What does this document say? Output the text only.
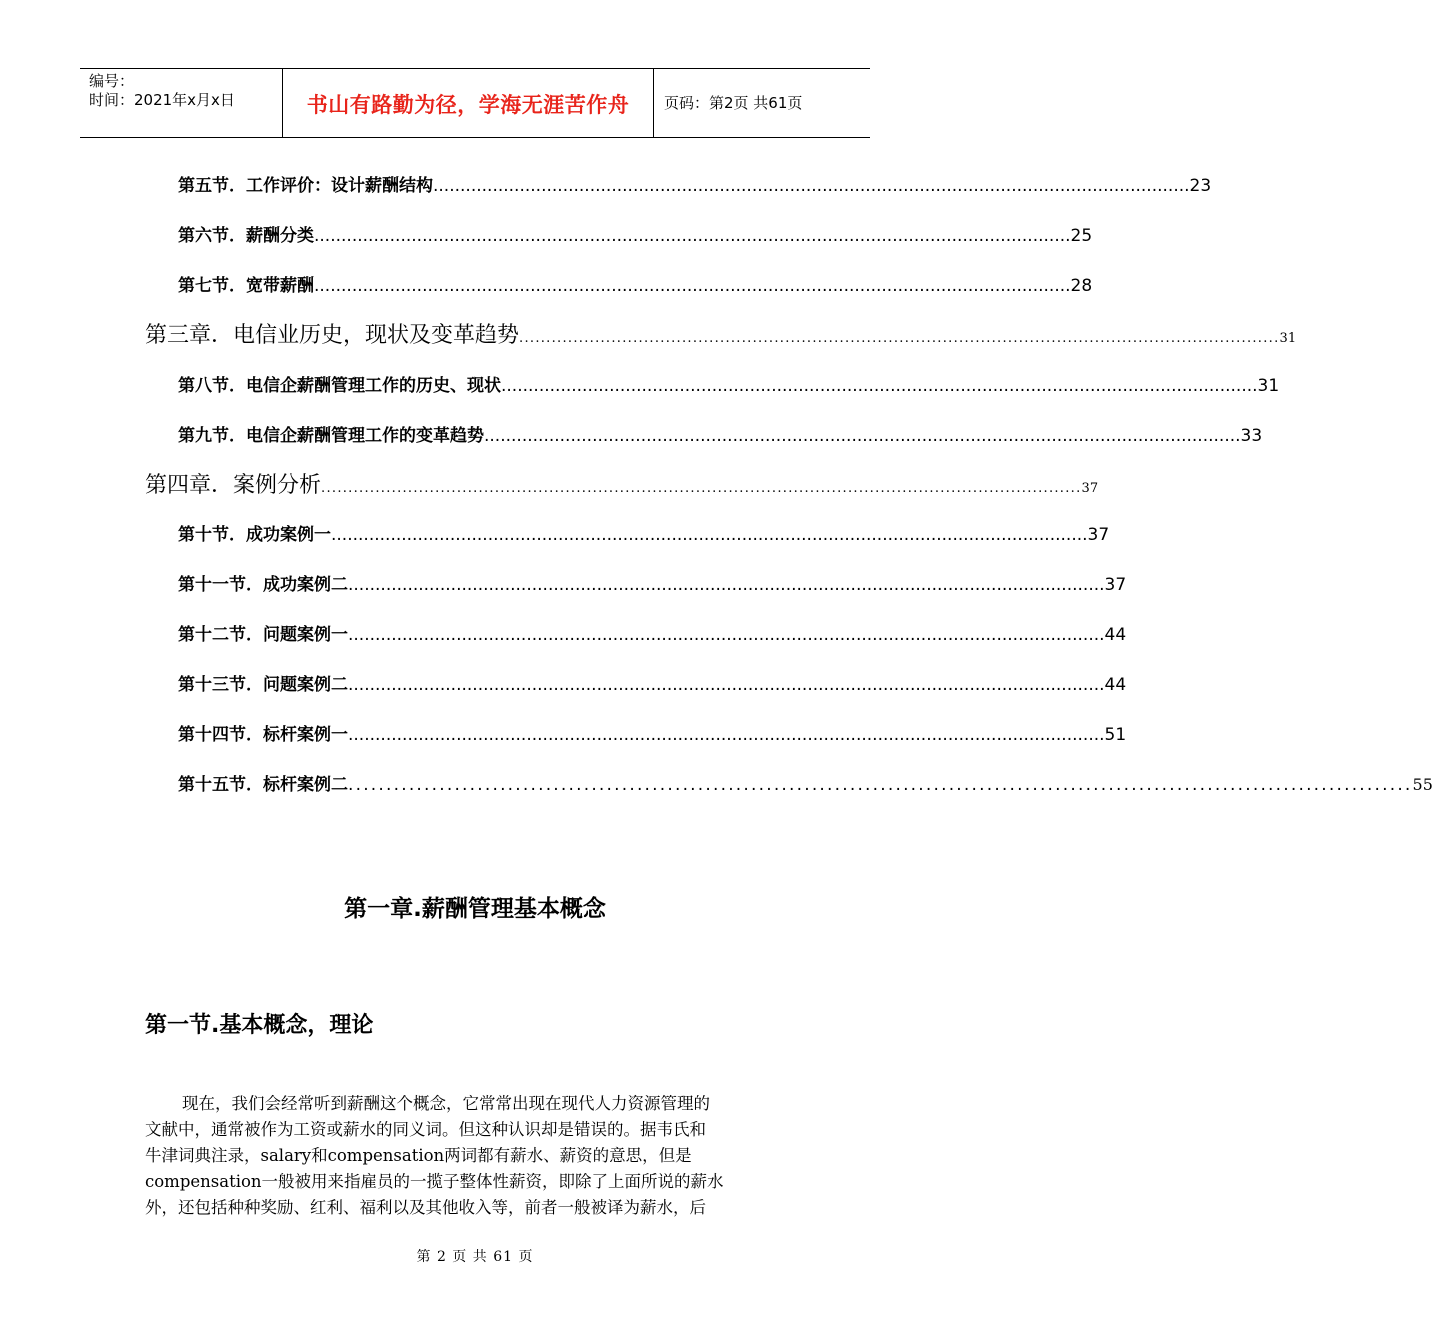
编号：
时间：2021年x月x日	书山有路勤为径，学海无涯苦作舟	页码：第2页 共61页
第五节．工作评价：设计薪酬结构 ............................................................................................................................................ 23
第六节．薪酬分类 ............................................................................................................................................ 25
第七节．宽带薪酬 ............................................................................................................................................ 28
第三章．电信业历史，现状及变革趋势 ............................................................................................................................................ 31
第八节．电信企薪酬管理工作的历史、现状 ............................................................................................................................................ 31
第九节．电信企薪酬管理工作的变革趋势 ............................................................................................................................................ 33
第四章．案例分析 ............................................................................................................................................ 37
第十节．成功案例一 ............................................................................................................................................ 37
第十一节．成功案例二 ............................................................................................................................................ 37
第十二节．问题案例一 ............................................................................................................................................ 44
第十三节．问题案例二 ............................................................................................................................................ 44
第十四节．标杆案例一 ............................................................................................................................................ 51
第十五节．标杆案例二 ............................................................................................................................................ 55
第一章.薪酬管理基本概念
第一节.基本概念，理论
现在，我们会经常听到薪酬这个概念，它常常出现在现代人力资源管理的
文献中，通常被作为工资或薪水的同义词。但这种认识却是错误的。据韦氏和
牛津词典注录，salary和compensation两词都有薪水、薪资的意思，但是
compensation一般被用来指雇员的一揽子整体性薪资，即除了上面所说的薪水
外，还包括种种奖励、红利、福利以及其他收入等，前者一般被译为薪水，后
第 2 页 共 61 页
